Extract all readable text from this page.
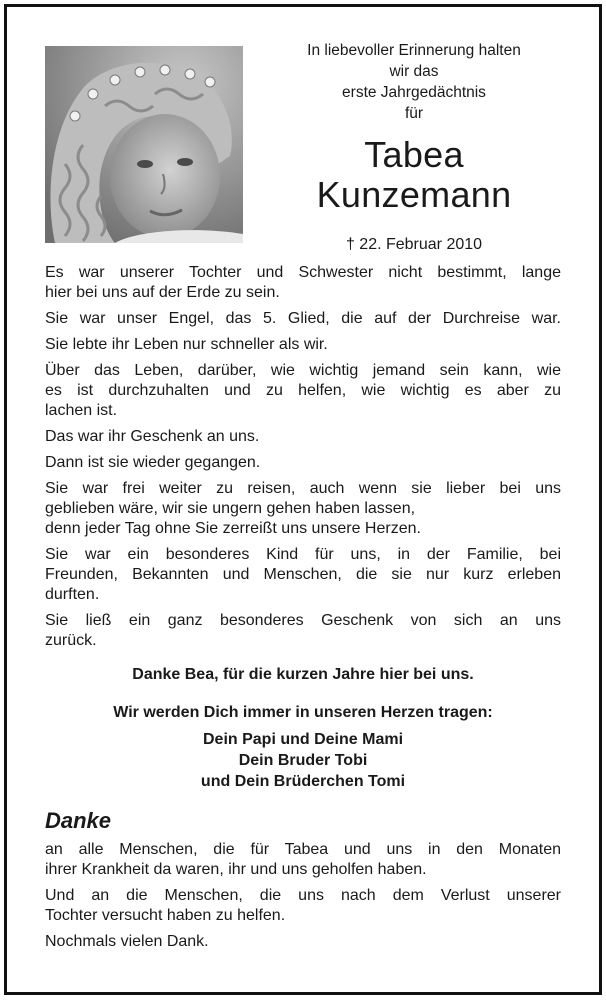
In liebevoller Erinnerung halten
wir das
erste Jahrgedächtnis
für
Tabea
Kunzemann
† 22. Februar 2010
Es war unserer Tochter und Schwester nicht bestimmt, lange
hier bei uns auf der Erde zu sein.
Sie war unser Engel, das 5. Glied, die auf der Durchreise war.
Sie lebte ihr Leben nur schneller als wir.
Über das Leben, darüber, wie wichtig jemand sein kann, wie
es ist durchzuhalten und zu helfen, wie wichtig es aber zu
lachen ist.
Das war ihr Geschenk an uns.
Dann ist sie wieder gegangen.
Sie war frei weiter zu reisen, auch wenn sie lieber bei uns
geblieben wäre, wir sie ungern gehen haben lassen,
denn jeder Tag ohne Sie zerreißt uns unsere Herzen.
Sie war ein besonderes Kind für uns, in der Familie, bei
Freunden, Bekannten und Menschen, die sie nur kurz erleben
durften.
Sie ließ ein ganz besonderes Geschenk von sich an uns
zurück.
Danke Bea, für die kurzen Jahre hier bei uns.
Wir werden Dich immer in unseren Herzen tragen:
Dein Papi und Deine Mami
Dein Bruder Tobi
und Dein Brüderchen Tomi
Danke
an alle Menschen, die für Tabea und uns in den Monaten
ihrer Krankheit da waren, ihr und uns geholfen haben.
Und an die Menschen, die uns nach dem Verlust unserer
Tochter versucht haben zu helfen.
Nochmals vielen Dank.
